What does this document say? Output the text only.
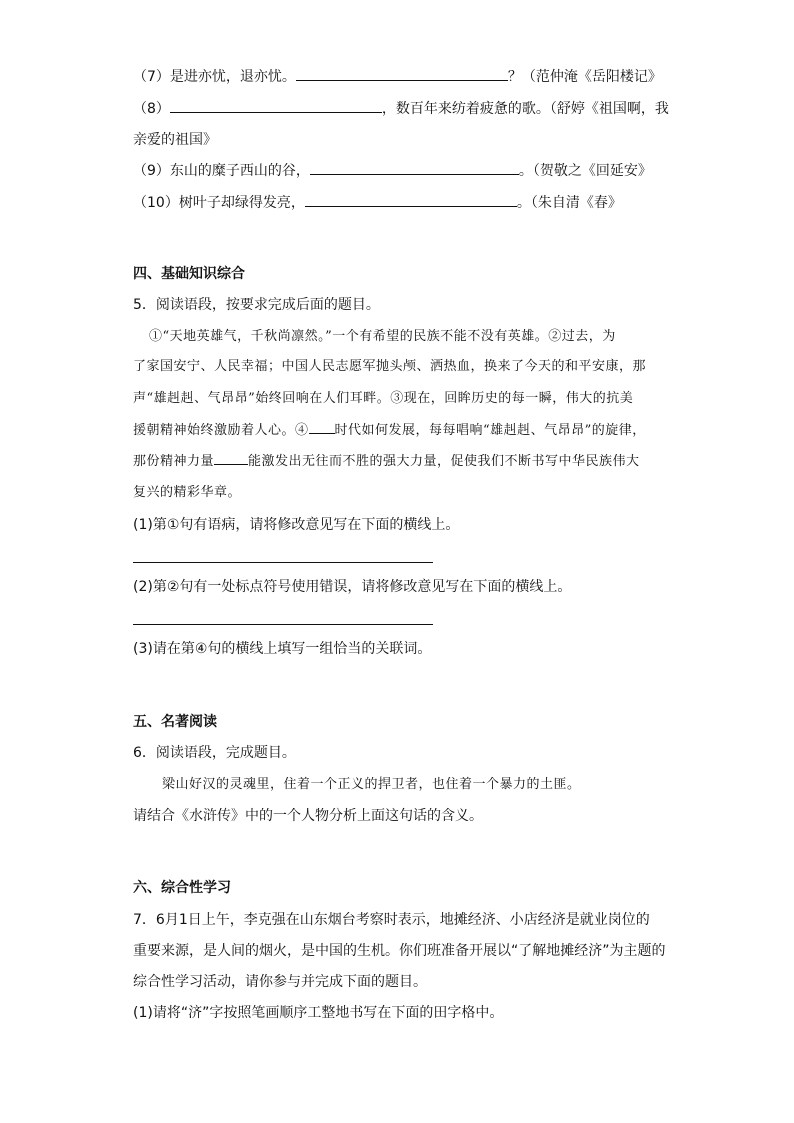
（7）是进亦忧，退亦忧。	？（范仲淹《岳阳楼记》
（8）	，数百年来纺着疲惫的歌。（舒婷《祖国啊，我
亲爱的祖国》
（9）东山的糜子西山的谷，	。（贺敬之《回延安》
（10）树叶子却绿得发亮，	。（朱自清《春》
四、基础知识综合
5．阅读语段，按要求完成后面的题目。
①“天地英雄气，千秋尚凛然。”一个有希望的民族不能不没有英雄。②过去，为
了家国安宁、人民幸福；中国人民志愿军抛头颅、洒热血，换来了今天的和平安康，那
声“雄赳赳、气昂昂”始终回响在人们耳畔。③现在，回眸历史的每一瞬，伟大的抗美
援朝精神始终激励着人心。④ 时代如何发展，每每唱响“雄赳赳、气昂昂”的旋律，
那份精神力量	能激发出无往而不胜的强大力量，促使我们不断书写中华民族伟大
复兴的精彩华章。
(1)第①句有语病，请将修改意见写在下面的横线上。
(2)第②句有一处标点符号使用错误，请将修改意见写在下面的横线上。
(3)请在第④句的横线上填写一组恰当的关联词。
五、名著阅读
6．阅读语段，完成题目。
梁山好汉的灵魂里，住着一个正义的捍卫者，也住着一个暴力的土匪。
请结合《水浒传》中的一个人物分析上面这句话的含义。
六、综合性学习
7．6月1日上午，李克强在山东烟台考察时表示，地摊经济、小店经济是就业岗位的
重要来源，是人间的烟火，是中国的生机。你们班准备开展以“了解地摊经济”为主题的
综合性学习活动，请你参与并完成下面的题目。
(1)请将“济”字按照笔画顺序工整地书写在下面的田字格中。
